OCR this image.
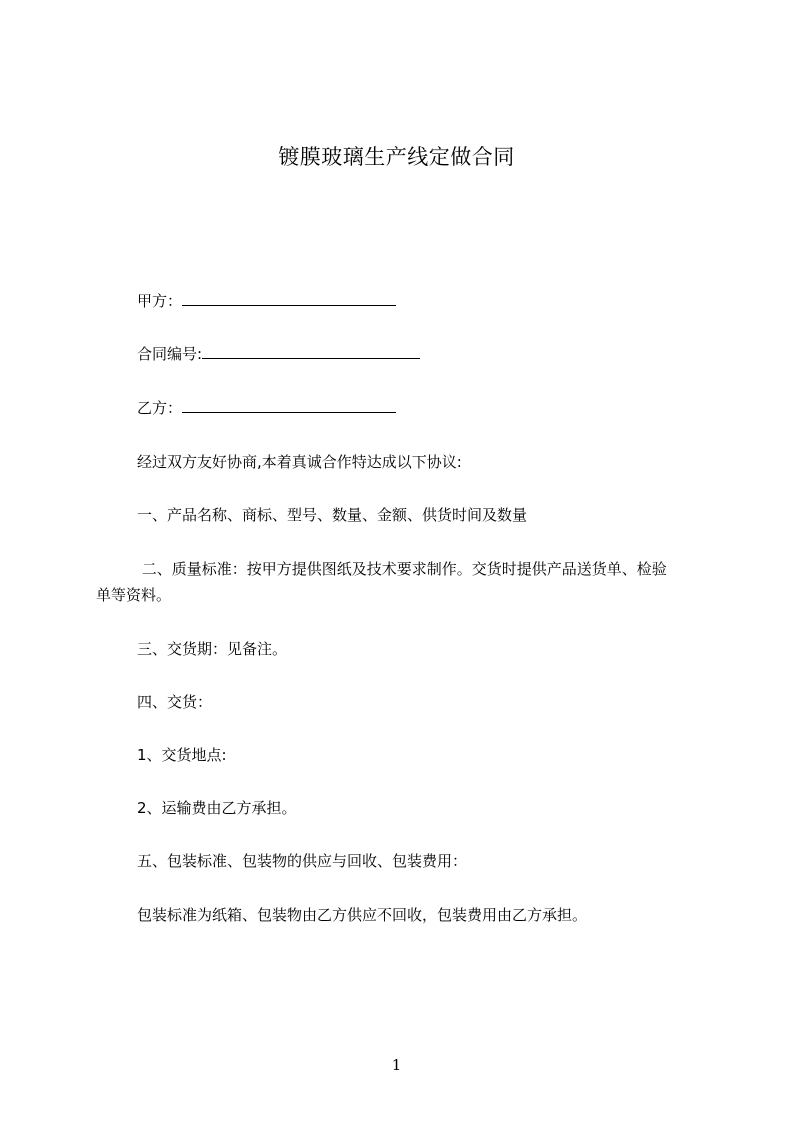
镀膜玻璃生产线定做合同
甲方：
合同编号:
乙方：
经过双方友好协商,本着真诚合作特达成以下协议:
一、产品名称、商标、型号、数量、金额、供货时间及数量
二、质量标准：按甲方提供图纸及技术要求制作。交货时提供产品送货单、检验
单等资料。
三、交货期：见备注。
四、交货：
1、交货地点:
2、运输费由乙方承担。
五、包装标准、包装物的供应与回收、包装费用：
包装标准为纸箱、包装物由乙方供应不回收，包装费用由乙方承担。
1
